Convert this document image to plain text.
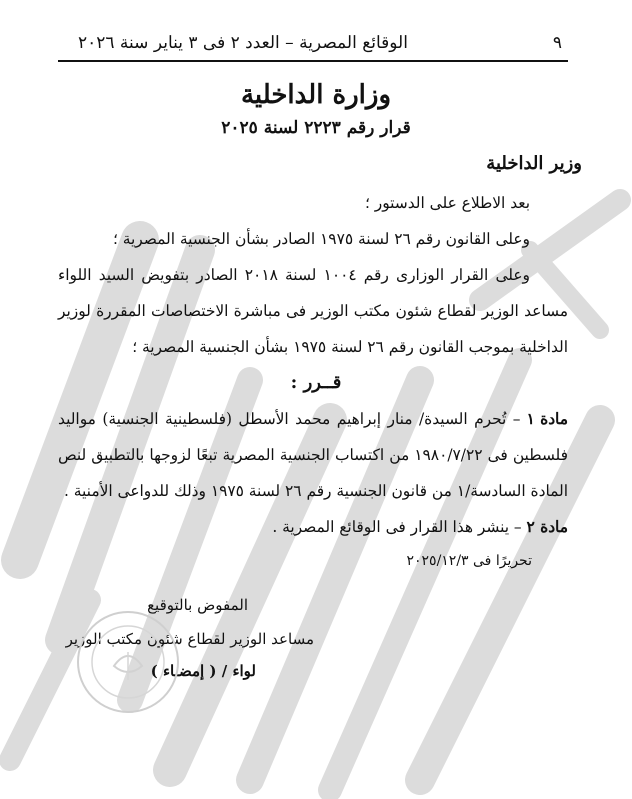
٩
الوقائع المصرية – العدد ٢ فى ٣ يناير سنة ٢٠٢٦
وزارة الداخلية
قرار رقم ٢٢٢٣ لسنة ٢٠٢٥
وزير الداخلية
بعد الاطلاع على الدستور ؛
وعلى القانون رقم ٢٦ لسنة ١٩٧٥ الصادر بشأن الجنسية المصرية ؛
وعلى القرار الوزارى رقم ١٠٠٤ لسنة ٢٠١٨ الصادر بتفويض السيد اللواء
مساعد الوزير لقطاع شئون مكتب الوزير فى مباشرة الاختصاصات المقررة لوزير
الداخلية بموجب القانون رقم ٢٦ لسنة ١٩٧٥ بشأن الجنسية المصرية ؛
قــرر :
مادة ١
– تُحرم السيدة/ منار إبراهيم محمد الأسطل (فلسطينية الجنسية) مواليد
فلسطين فى ١٩٨٠/٧/٢٢ من اكتساب الجنسية المصرية تبعًا لزوجها بالتطبيق لنص
المادة السادسة/١ من قانون الجنسية رقم ٢٦ لسنة ١٩٧٥ وذلك للدواعى الأمنية .
مادة ٢ – ينشر هذا القرار فى الوقائع المصرية .
تحريرًا فى ٢٠٢٥/١٢/٣
المفوض بالتوقيع
مساعد الوزير لقطاع شئون مكتب الوزير
لواء / ( إمضـاء )
